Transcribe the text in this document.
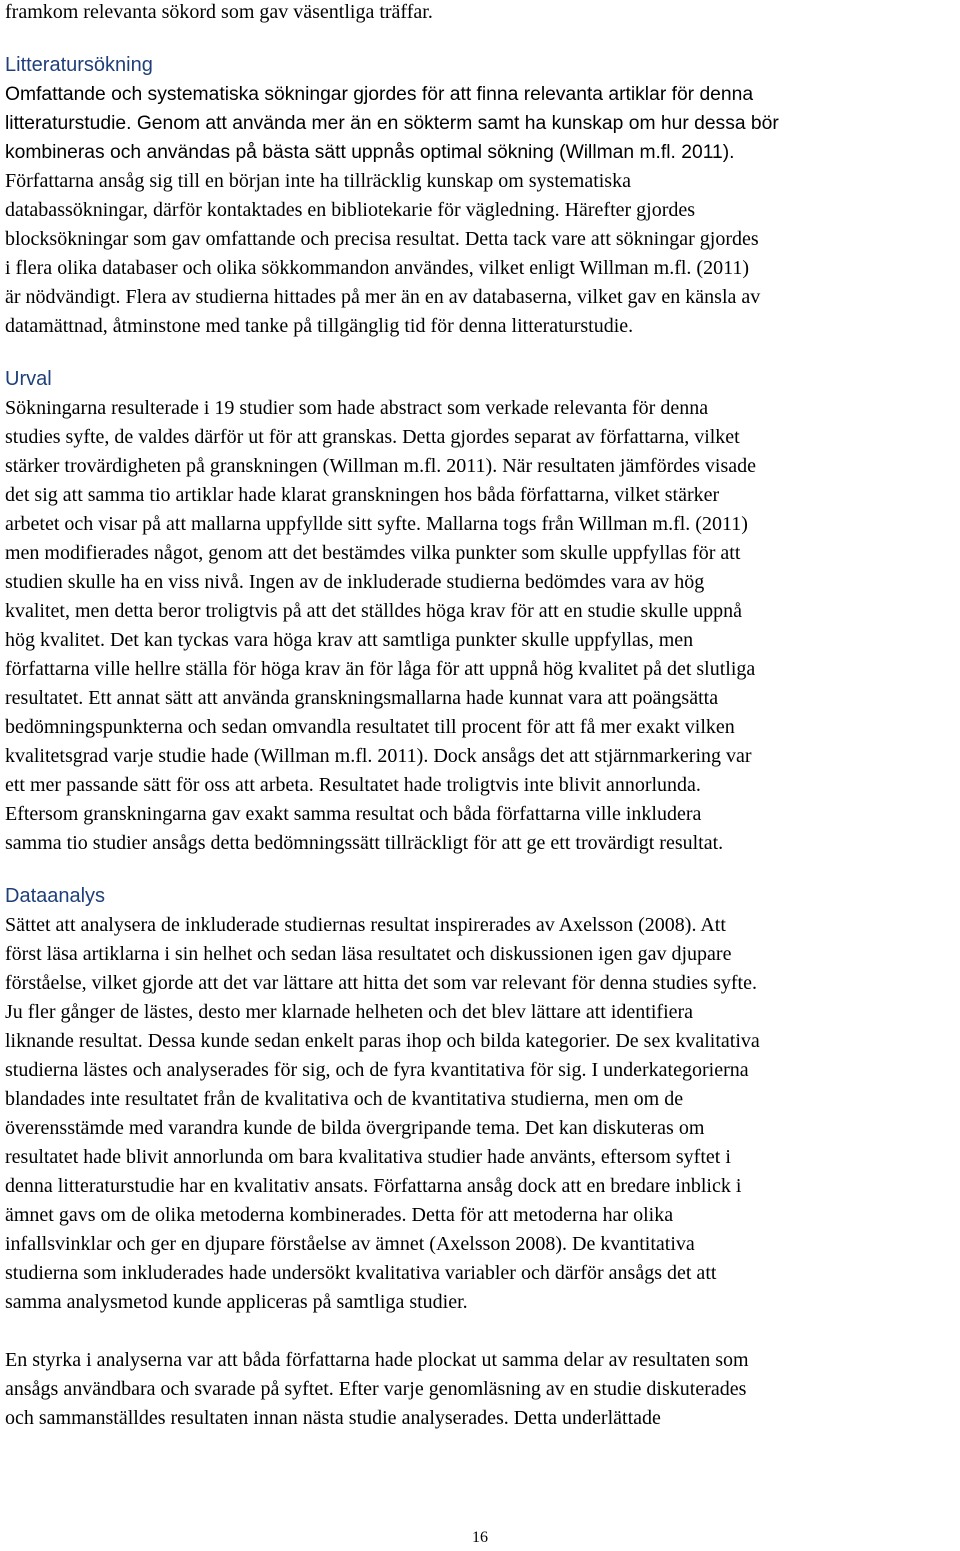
framkom relevanta sökord som gav väsentliga träffar.
Litteratursökning
Omfattande och systematiska sökningar gjordes för att finna relevanta artiklar för denna
litteraturstudie. Genom att använda mer än en sökterm samt ha kunskap om hur dessa bör
kombineras och användas på bästa sätt uppnås optimal sökning (Willman m.fl. 2011).
Författarna ansåg sig till en början inte ha tillräcklig kunskap om systematiska
databassökningar, därför kontaktades en bibliotekarie för vägledning. Härefter gjordes
blocksökningar som gav omfattande och precisa resultat. Detta tack vare att sökningar gjordes
i flera olika databaser och olika sökkommandon användes, vilket enligt Willman m.fl. (2011)
är nödvändigt. Flera av studierna hittades på mer än en av databaserna, vilket gav en känsla av
datamättnad, åtminstone med tanke på tillgänglig tid för denna litteraturstudie.
Urval
Sökningarna resulterade i 19 studier som hade abstract som verkade relevanta för denna
studies syfte, de valdes därför ut för att granskas. Detta gjordes separat av författarna, vilket
stärker trovärdigheten på granskningen (Willman m.fl. 2011). När resultaten jämfördes visade
det sig att samma tio artiklar hade klarat granskningen hos båda författarna, vilket stärker
arbetet och visar på att mallarna uppfyllde sitt syfte. Mallarna togs från Willman m.fl. (2011)
men modifierades något, genom att det bestämdes vilka punkter som skulle uppfyllas för att
studien skulle ha en viss nivå. Ingen av de inkluderade studierna bedömdes vara av hög
kvalitet, men detta beror troligtvis på att det ställdes höga krav för att en studie skulle uppnå
hög kvalitet. Det kan tyckas vara höga krav att samtliga punkter skulle uppfyllas, men
författarna ville hellre ställa för höga krav än för låga för att uppnå hög kvalitet på det slutliga
resultatet. Ett annat sätt att använda granskningsmallarna hade kunnat vara att poängsätta
bedömningspunkterna och sedan omvandla resultatet till procent för att få mer exakt vilken
kvalitetsgrad varje studie hade (Willman m.fl. 2011). Dock ansågs det att stjärnmarkering var
ett mer passande sätt för oss att arbeta. Resultatet hade troligtvis inte blivit annorlunda.
Eftersom granskningarna gav exakt samma resultat och båda författarna ville inkludera
samma tio studier ansågs detta bedömningssätt tillräckligt för att ge ett trovärdigt resultat.
Dataanalys
Sättet att analysera de inkluderade studiernas resultat inspirerades av Axelsson (2008). Att
först läsa artiklarna i sin helhet och sedan läsa resultatet och diskussionen igen gav djupare
förståelse, vilket gjorde att det var lättare att hitta det som var relevant för denna studies syfte.
Ju fler gånger de lästes, desto mer klarnade helheten och det blev lättare att identifiera
liknande resultat. Dessa kunde sedan enkelt paras ihop och bilda kategorier. De sex kvalitativa
studierna lästes och analyserades för sig, och de fyra kvantitativa för sig. I underkategorierna
blandades inte resultatet från de kvalitativa och de kvantitativa studierna, men om de
överensstämde med varandra kunde de bilda övergripande tema. Det kan diskuteras om
resultatet hade blivit annorlunda om bara kvalitativa studier hade använts, eftersom syftet i
denna litteraturstudie har en kvalitativ ansats. Författarna ansåg dock att en bredare inblick i
ämnet gavs om de olika metoderna kombinerades. Detta för att metoderna har olika
infallsvinklar och ger en djupare förståelse av ämnet (Axelsson 2008). De kvantitativa
studierna som inkluderades hade undersökt kvalitativa variabler och därför ansågs det att
samma analysmetod kunde appliceras på samtliga studier.
En styrka i analyserna var att båda författarna hade plockat ut samma delar av resultaten som
ansågs användbara och svarade på syftet. Efter varje genomläsning av en studie diskuterades
och sammanställdes resultaten innan nästa studie analyserades. Detta underlättade
16
